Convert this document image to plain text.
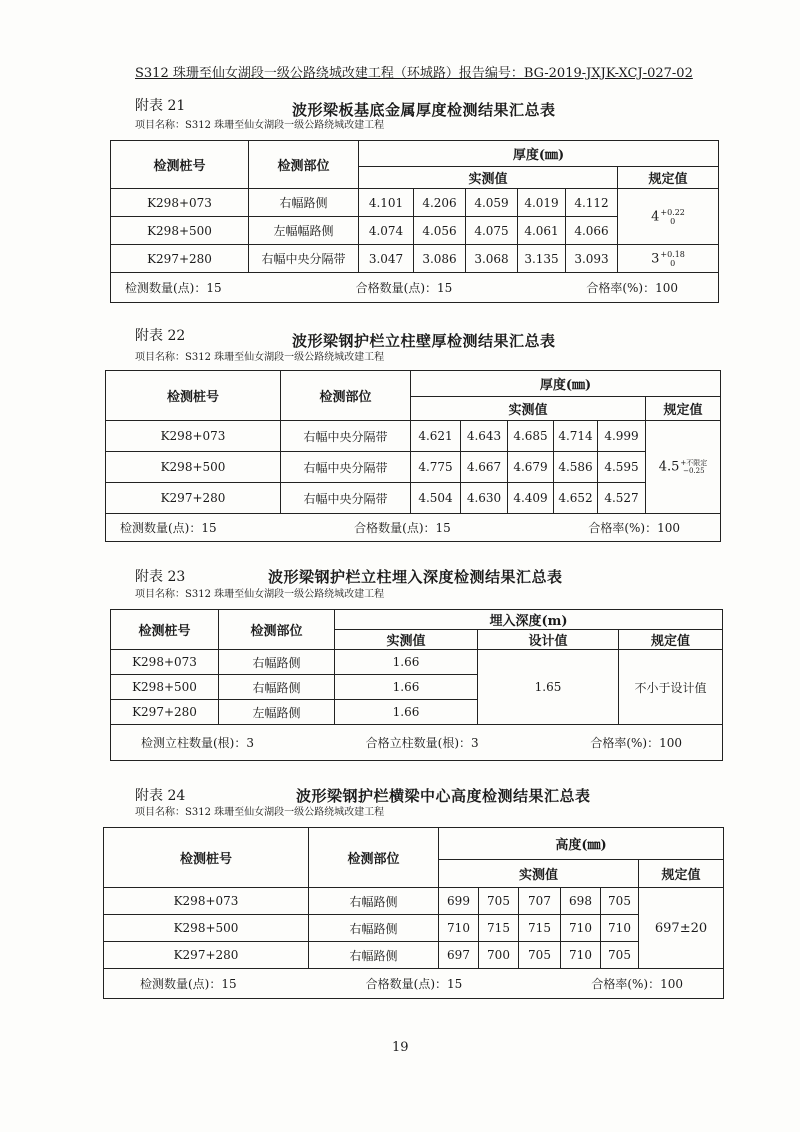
S312 珠珊至仙女湖段一级公路绕城改建工程（环城路）报告编号：BG-2019-JXJK-XCJ-027-02
附表 21	波形梁板基底金属厚度检测结果汇总表
项目名称：S312 珠珊至仙女湖段一级公路绕城改建工程
检测桩号	检测部位	厚度(㎜)					
		实测值					规定值
K298+073	右幅路侧	4.101	4.206	4.059	4.019	4.112	4 +0.22
0

K298+500	左幅幅路侧	4.074	4.056	4.075	4.061	4.066	
K297+280	右幅中央分隔带	3.047	3.086	3.068	3.135	3.093	3 +0.18
0

检测数量(点)：15 合格数量(点)：15 合格率(%)：100							
附表 22	波形梁钢护栏立柱壁厚检测结果汇总表
项目名称：S312 珠珊至仙女湖段一级公路绕城改建工程
检测桩号	检测部位	厚度(㎜)					
		实测值					规定值
K298+073	右幅中央分隔带	4.621	4.643	4.685	4.714	4.999	4.5 +不限定
−0.25

K298+500	右幅中央分隔带	4.775	4.667	4.679	4.586	4.595	
K297+280	右幅中央分隔带	4.504	4.630	4.409	4.652	4.527	

检测数量(点)：15 合格数量(点)：15 合格率(%)：100							
附表 23	波形梁钢护栏立柱埋入深度检测结果汇总表
项目名称：S312 珠珊至仙女湖段一级公路绕城改建工程
检测桩号	检测部位	埋入深度(m)		
		实测值	设计值	规定值
K298+073	右幅路侧	1.66	1.65	不小于设计值
K298+500	右幅路侧	1.66		
K297+280	左幅路侧	1.66		

检测立柱数量(根)：3 合格立柱数量(根)：3 合格率(%)：100				
附表 24	波形梁钢护栏横梁中心高度检测结果汇总表
项目名称：S312 珠珊至仙女湖段一级公路绕城改建工程
检测桩号	检测部位	高度(㎜)					
		实测值					规定值
K298+073	右幅路侧	699	705	707	698	705	697±20
K298+500	右幅路侧	710	715	715	710	710	
K297+280	右幅路侧	697	700	705	710	705	

检测数量(点)：15 合格数量(点)：15 合格率(%)：100							
19
